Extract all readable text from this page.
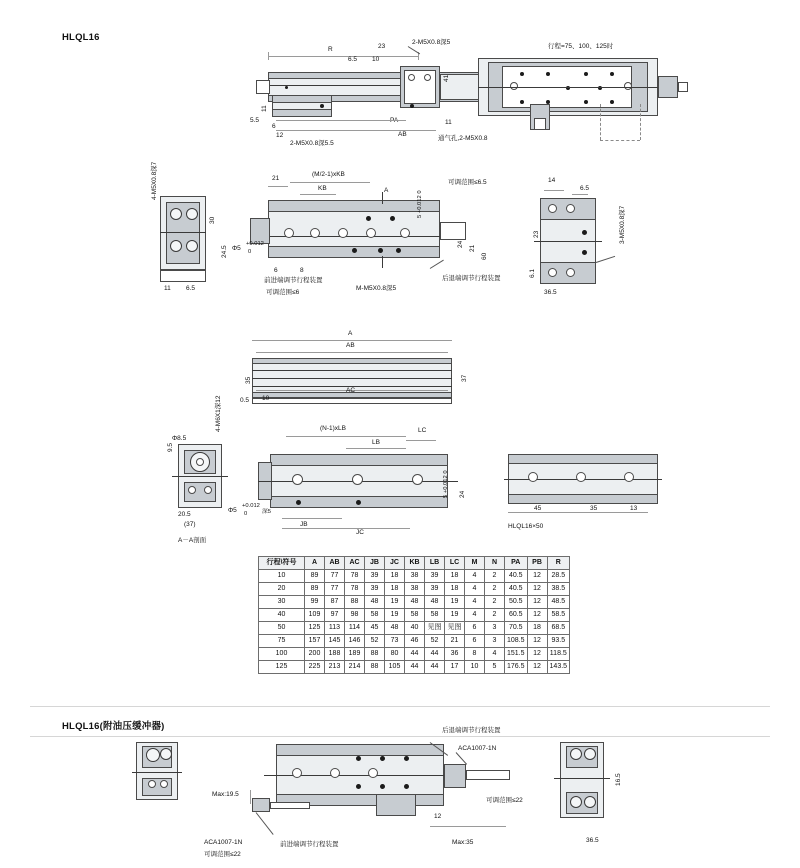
HLQL16
R	23
6.5 10
2-M5X0.8深5
11
41
5.5
6
12	AB
11
2-M5X0.8深5.5
通气孔,2-M5X0.8
行程=75、100、125时
4-M5X0.8深7
30
24.5
11 6.5
21
(M/2-1)xKB
KB	A
可调范围≤6.5
Φ5
+0.012
0
6	8
前进端调节行程装置
可调范围≤6
M-M5X0.8深5
后退端调节行程装置
24
21
60
5 +0.012 0
14
6.5
23
6.1
36.5
3-M5X0.8深7
A
AB
35	37
0.5 10
AC
Φ8.5
9.5
4-M6X1深12
20.5
(37)
A－A剖面
(N-1)xLB
LB
LC
Φ5
+0.012
0	深5
JB
JC
24
5 +0.012 0
45	35	13
HLQL16×50
行程\符号	A	AB	AC	JB	JC	KB	LB	LC	M	N	PA	PB	R
10	89	77	78	39	18	38	39	18	4	2	40.5	12	28.5
20	89	77	78	39	18	38	39	18	4	2	40.5	12	38.5
30	99	87	88	48	19	48	48	19	4	2	50.5	12	48.5
40	109	97	98	58	19	58	58	19	4	2	60.5	12	58.5
50	125	113	114	45	48	40	见图	见图	6	3	70.5	18	68.5
75	157	145	146	52	73	46	52	21	6	3	108.5	12	93.5
100	200	188	189	88	80	44	44	36	8	4	151.5	12	118.5
125	225	213	214	88	105	44	44	17	10	5	176.5	12	143.5
HLQL16(附油压缓冲器)
Max:19.5
ACA1007-1N
可调范围≤22
前进端调节行程装置
12
Max:35
后退端调节行程装置
ACA1007-1N
可调范围≤22
16.5
36.5
